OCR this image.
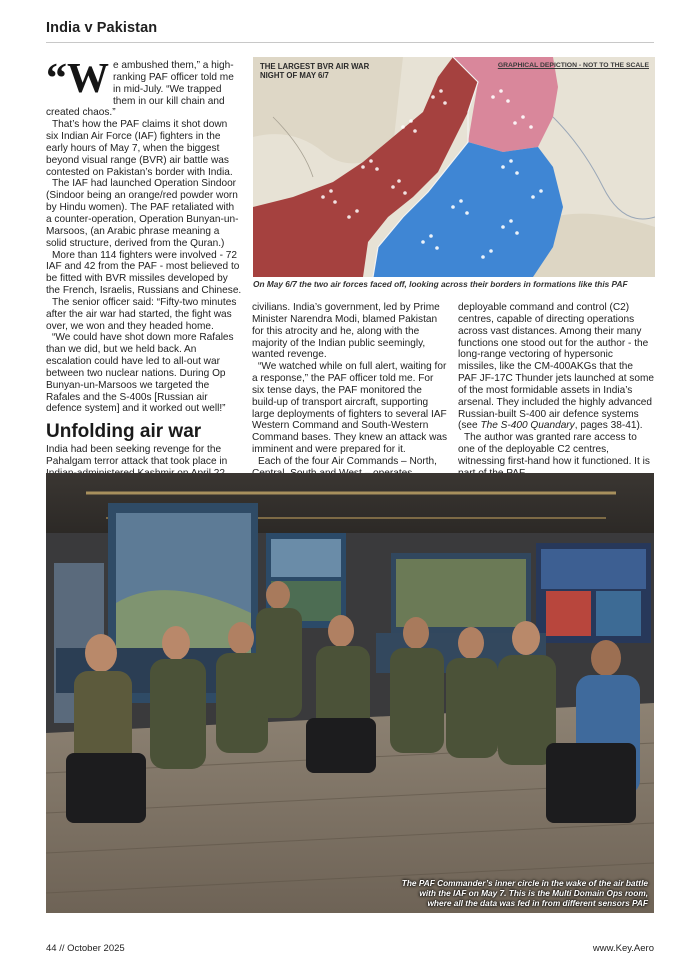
India v Pakistan

“We ambushed them,” a high-ranking PAF officer told me in mid-July. “We trapped them in our kill chain and created chaos.”

That’s how the PAF claims it shot down six Indian Air Force (IAF) fighters in the early hours of May 7, when the biggest beyond visual range (BVR) air battle was contested on Pakistan’s border with India.

The IAF had launched Operation Sindoor (Sindoor being an orange/red powder worn by Hindu women). The PAF retaliated with a counter-operation, Operation Bunyan-un-Marsoos, (an Arabic phrase meaning a solid structure, derived from the Quran.)

More than 114 fighters were involved - 72 IAF and 42 from the PAF - most believed to be fitted with BVR missiles developed by the French, Israelis, Russians and Chinese.

The senior officer said: “Fifty-two minutes after the air war had started, the fight was over, we won and they headed home.

“We could have shot down more Rafales than we did, but we held back. An escalation could have led to all-out war between two nuclear nations. During Op Bunyan-un-Marsoos we targeted the Rafales and the S-400s [Russian air defence system] and it worked out well!”

Unfolding air war

India had been seeking revenge for the Pahalgam terror attack that took place in

THE LARGEST BVR AIR WAR
NIGHT OF MAY 6/7
GRAPHICAL DEPICTION - NOT TO THE SCALE
On May 6/7 the two air forces faced off, looking across their borders in formations like this PAF

civilians. India’s government, led by Prime Minister Narendra Modi, blamed Pakistan for this atrocity and he, along with the majority of the Indian public seemingly, wanted revenge.

“We watched while on full alert, waiting for a response,” the PAF officer told me. For six tense days, the PAF monitored the build-up of transport aircraft, supporting large deployments of fighters to several IAF Western Command and South-Western Command bases. They knew an attack was imminent and were prepared for it.

Each of the four Air Commands – North,

deployable command and control (C2) centres, capable of directing operations across vast distances. Among their many functions one stood out for the author - the long-range vectoring of hypersonic missiles, like the CM-400AKGs that the PAF JF-17C Thunder jets launched at some of the most formidable assets in India’s arsenal. They included the highly advanced Russian-built S-400 air defence systems (see The S-400 Quandary, pages 38-41).

The author was granted rare access to one of the deployable C2 centres, witnessing first-hand how it functioned. It is

The PAF Commander’s inner circle in the wake of the air battle with the IAF on May 7. This is the Multi Domain Ops room, where all the data was fed in from different sensors PAF
44 // October 2025	www.Key.Aero
